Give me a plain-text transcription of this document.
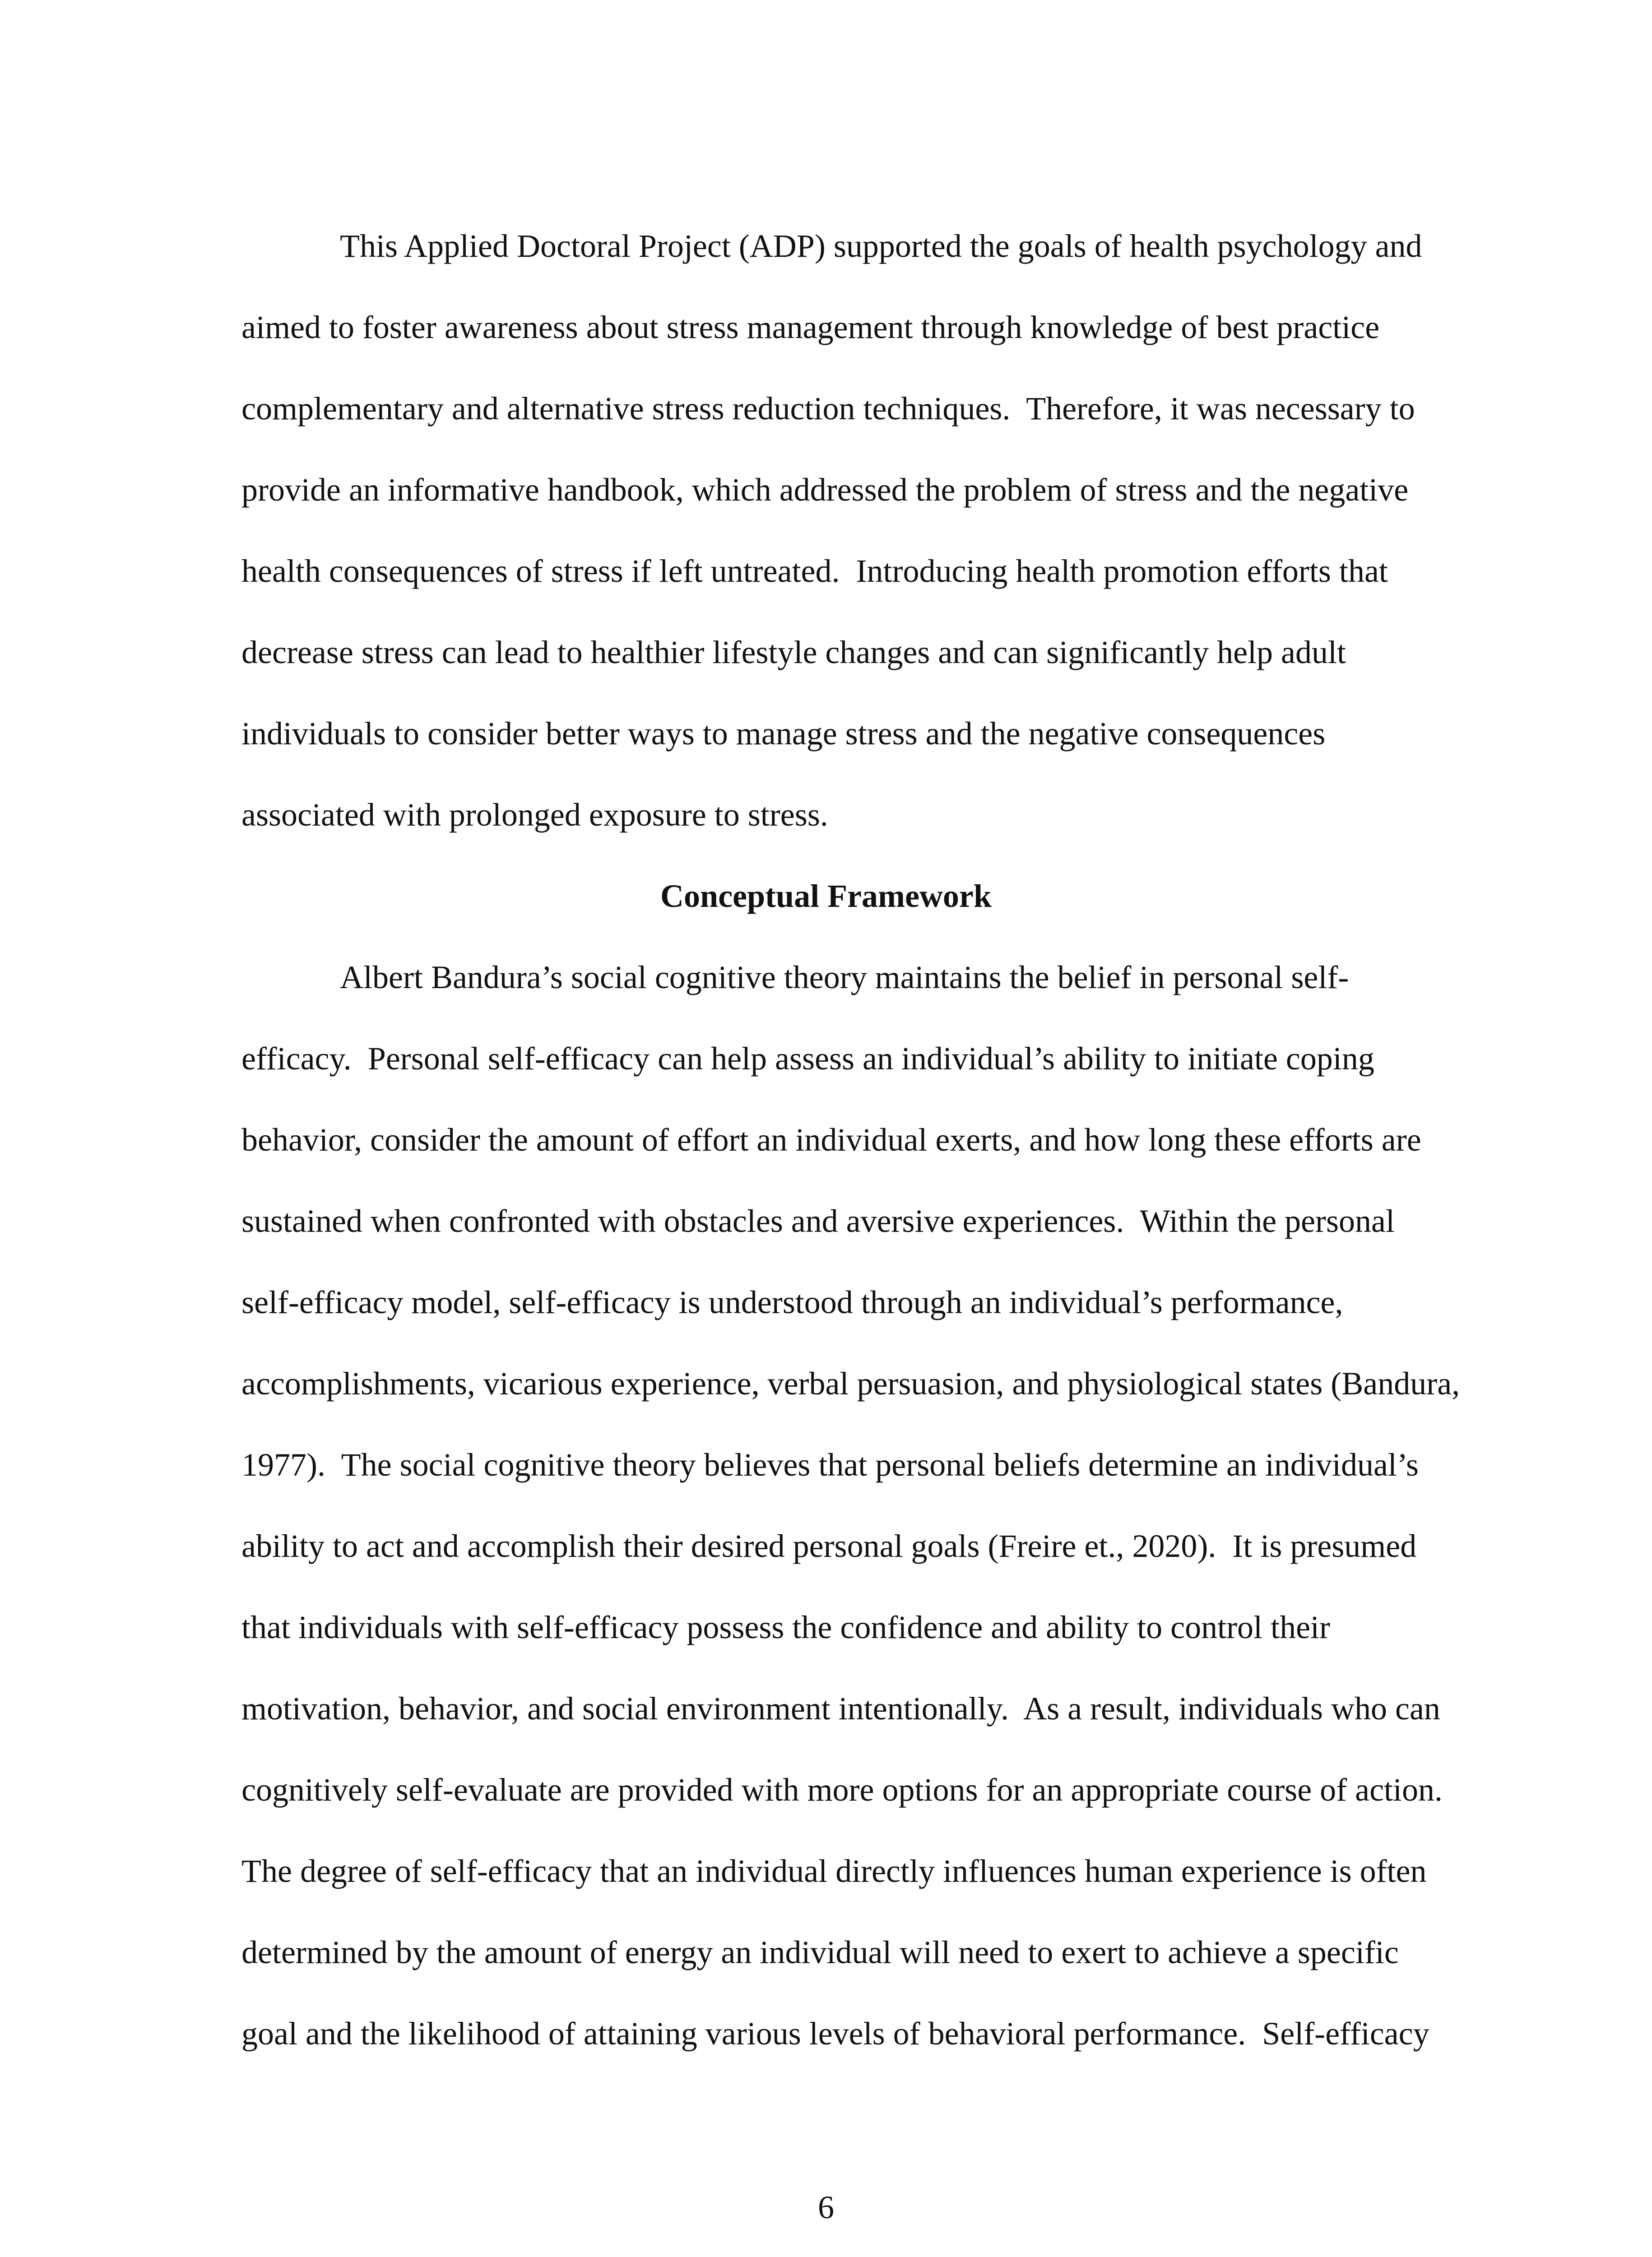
This Applied Doctoral Project (ADP) supported the goals of health psychology and
aimed to foster awareness about stress management through knowledge of best practice
complementary and alternative stress reduction techniques.  Therefore, it was necessary to
provide an informative handbook, which addressed the problem of stress and the negative
health consequences of stress if left untreated.  Introducing health promotion efforts that
decrease stress can lead to healthier lifestyle changes and can significantly help adult
individuals to consider better ways to manage stress and the negative consequences
associated with prolonged exposure to stress.
Conceptual Framework
Albert Bandura’s social cognitive theory maintains the belief in personal self-
efficacy.  Personal self-efficacy can help assess an individual’s ability to initiate coping
behavior, consider the amount of effort an individual exerts, and how long these efforts are
sustained when confronted with obstacles and aversive experiences.  Within the personal
self-efficacy model, self-efficacy is understood through an individual’s performance,
accomplishments, vicarious experience, verbal persuasion, and physiological states (Bandura,
1977).  The social cognitive theory believes that personal beliefs determine an individual’s
ability to act and accomplish their desired personal goals (Freire et., 2020).  It is presumed
that individuals with self-efficacy possess the confidence and ability to control their
motivation, behavior, and social environment intentionally.  As a result, individuals who can
cognitively self-evaluate are provided with more options for an appropriate course of action.
The degree of self-efficacy that an individual directly influences human experience is often
determined by the amount of energy an individual will need to exert to achieve a specific
goal and the likelihood of attaining various levels of behavioral performance.  Self-efficacy
6
